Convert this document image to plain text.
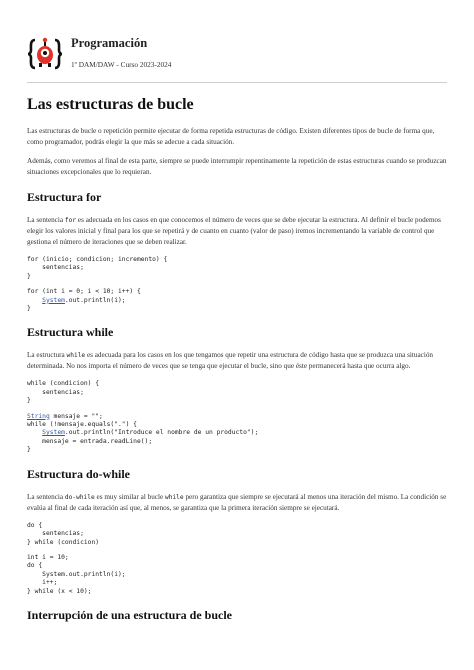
Programación
1º DAM/DAW - Curso 2023-2024
Las estructuras de bucle

Las estructuras de bucle o repetición permite ejecutar de forma repetida estructuras de código. Existen diferentes tipos de bucle de forma que, como programador, podrás elegir la que más se adecue a cada situación.

Además, como veremos al final de esta parte, siempre se puede interrumpir repentinamente la repetición de estas estructuras cuando se produzcan situaciones excepcionales que lo requieran.

Estructura for

La sentencia for es adecuada en los casos en que conocemos el número de veces que se debe ejecutar la estructura. Al definir el bucle podemos elegir los valores inicial y final para los que se repetirá y de cuanto en cuanto (valor de paso) iremos incrementando la variable de control que gestiona el número de iteraciones que se deben realizar.

for (inicio; condicion; incremento) {
sentencias;
}
for (int i = 0; i < 10; i++) {
System.out.println(i);
}
Estructura while

La estructura while es adecuada para los casos en los que tengamos que repetir una estructura de código hasta que se produzca una situación determinada. No nos importa el número de veces que se tenga que ejecutar el bucle, sino que éste permanecerá hasta que ocurra algo.

while (condicion) {
sentencias;
}
String mensaje = "";
while (!mensaje.equals(".") {
System.out.println("Introduce el nombre de un producto");
mensaje = entrada.readLine();
}
Estructura do-while

La sentencia do-while es muy similar al bucle while pero garantiza que siempre se ejecutará al menos una iteración del mismo. La condición se evalúa al final de cada iteración así que, al menos, se garantiza que la primera iteración siempre se ejecutará.

do {
sentencias;
} while (condicion)
int i = 10;
do {
System.out.println(i);
i++;
} while (x < 10);
Interrupción de una estructura de bucle
